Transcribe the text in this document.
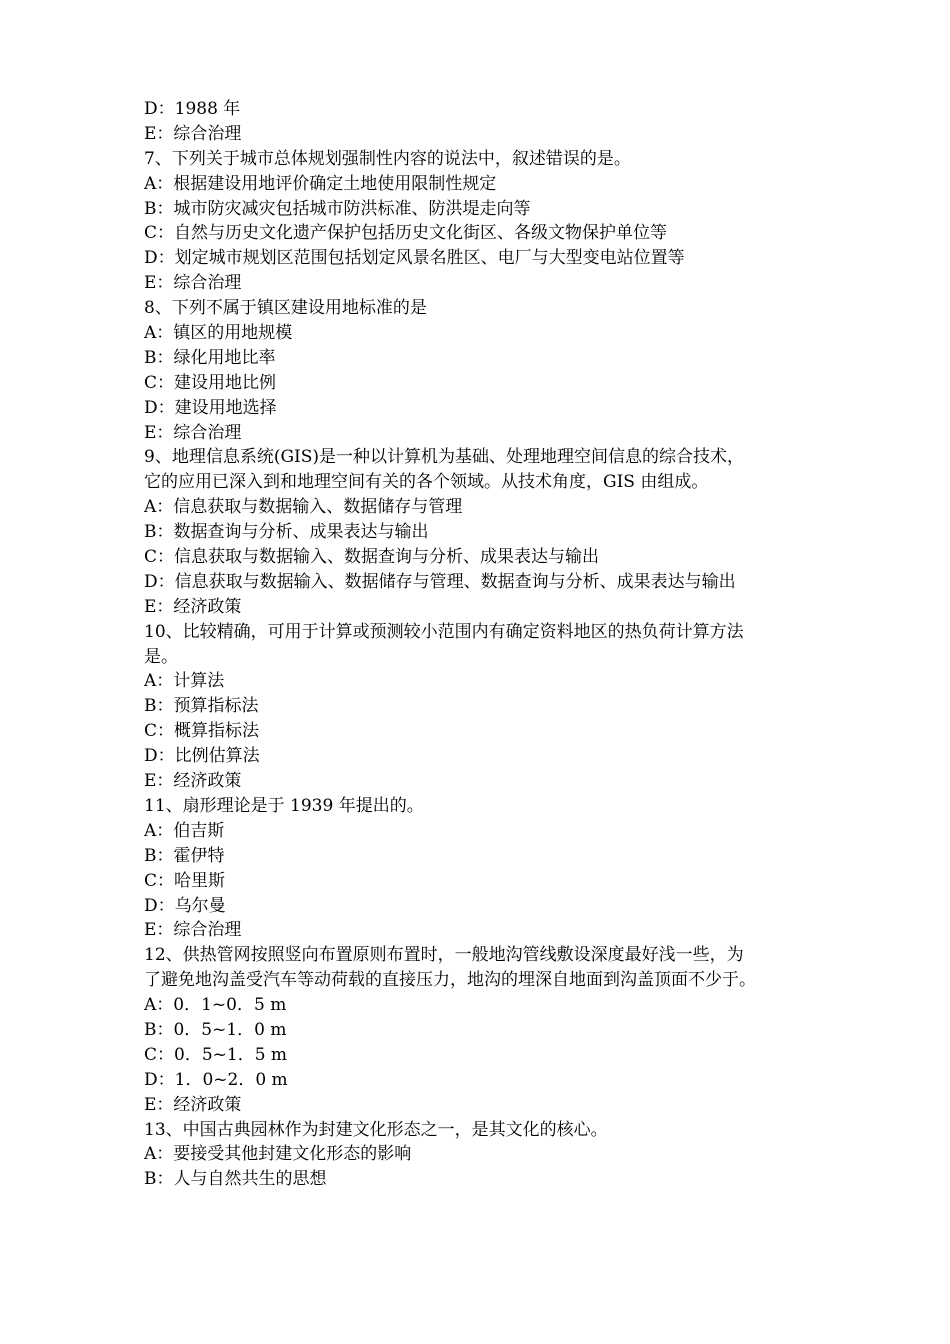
D：1988 年
E：综合治理
7、下列关于城市总体规划强制性内容的说法中，叙述错误的是。
A：根据建设用地评价确定土地使用限制性规定
B：城市防灾减灾包括城市防洪标准、防洪堤走向等
C：自然与历史文化遗产保护包括历史文化街区、各级文物保护单位等
D：划定城市规划区范围包括划定风景名胜区、电厂与大型变电站位置等
E：综合治理
8、下列不属于镇区建设用地标准的是
A：镇区的用地规模
B：绿化用地比率
C：建设用地比例
D：建设用地选择
E：综合治理
9、地理信息系统(GIS)是一种以计算机为基础、处理地理空间信息的综合技术，
它的应用已深入到和地理空间有关的各个领域。从技术角度，GIS 由组成。
A：信息获取与数据输入、数据储存与管理
B：数据查询与分析、成果表达与输出
C：信息获取与数据输入、数据查询与分析、成果表达与输出
D：信息获取与数据输入、数据储存与管理、数据查询与分析、成果表达与输出
E：经济政策
10、比较精确，可用于计算或预测较小范围内有确定资料地区的热负荷计算方法
是。
A：计算法
B：预算指标法
C：概算指标法
D：比例估算法
E：经济政策
11、扇形理论是于 1939 年提出的。
A：伯吉斯
B：霍伊特
C：哈里斯
D：乌尔曼
E：综合治理
12、供热管网按照竖向布置原则布置时，一般地沟管线敷设深度最好浅一些，为
了避免地沟盖受汽车等动荷载的直接压力，地沟的埋深自地面到沟盖顶面不少于。
A：0．1~0．5 m
B：0．5~1．0 m
C：0．5~1．5 m
D：1．0~2．0 m
E：经济政策
13、中国古典园林作为封建文化形态之一，是其文化的核心。
A：要接受其他封建文化形态的影响
B：人与自然共生的思想
